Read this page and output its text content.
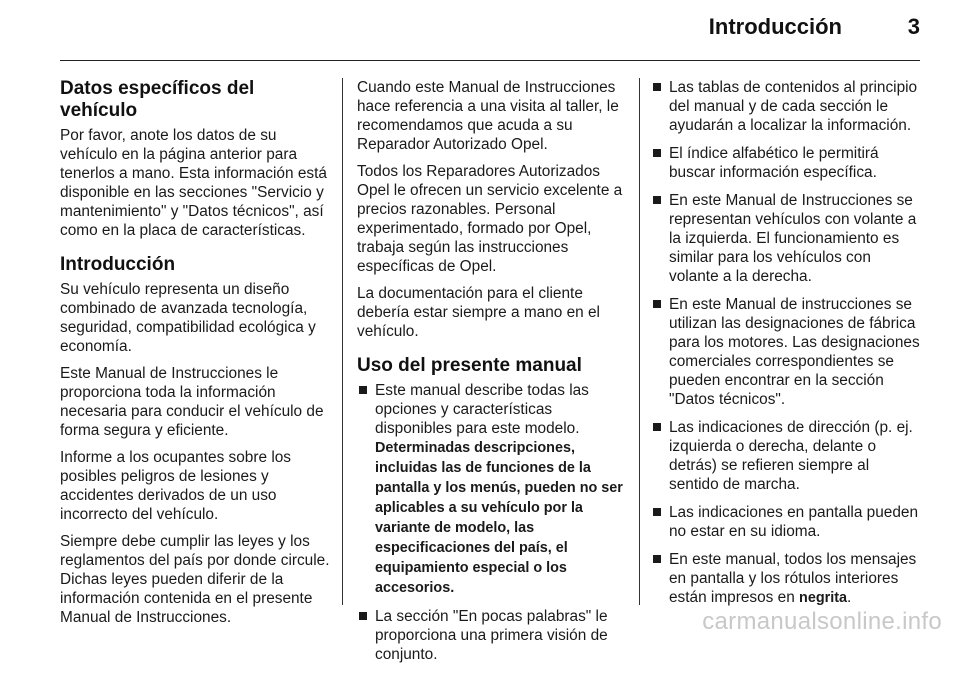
Introducción	3
Datos específicos del vehículo

Por favor, anote los datos de su vehículo en la página anterior para tenerlos a mano. Esta información está disponible en las secciones "Servicio y mantenimiento" y "Datos técnicos", así como en la placa de características.

Introducción

Su vehículo representa un diseño combinado de avanzada tecnología, seguridad, compatibilidad ecológica y economía.

Este Manual de Instrucciones le proporciona toda la información necesaria para conducir el vehículo de forma segura y eficiente.

Informe a los ocupantes sobre los posibles peligros de lesiones y accidentes derivados de un uso incorrecto del vehículo.

Siempre debe cumplir las leyes y los reglamentos del país por donde circule. Dichas leyes pueden diferir de la información contenida en el presente Manual de Instrucciones.

Cuando este Manual de Instrucciones hace referencia a una visita al taller, le recomendamos que acuda a su Reparador Autorizado Opel.

Todos los Reparadores Autorizados Opel le ofrecen un servicio excelente a precios razonables. Personal experimentado, formado por Opel, trabaja según las instrucciones específicas de Opel.

La documentación para el cliente debería estar siempre a mano en el vehículo.

Uso del presente manual
Este manual describe todas las opciones y características disponibles para este modelo. Determinadas descripciones, incluidas las de funciones de la pantalla y los menús, pueden no ser aplicables a su vehículo por la variante de modelo, las especificaciones del país, el equipamiento especial o los accesorios.
La sección "En pocas palabras" le proporciona una primera visión de conjunto.
Las tablas de contenidos al principio del manual y de cada sección le ayudarán a localizar la información.
El índice alfabético le permitirá buscar información específica.
En este Manual de Instrucciones se representan vehículos con volante a la izquierda. El funcionamiento es similar para los vehículos con volante a la derecha.
En este Manual de instrucciones se utilizan las designaciones de fábrica para los motores. Las designaciones comerciales correspondientes se pueden encontrar en la sección "Datos técnicos".
Las indicaciones de dirección (p. ej. izquierda o derecha, delante o detrás) se refieren siempre al sentido de marcha.
Las indicaciones en pantalla pueden no estar en su idioma.
En este manual, todos los mensajes en pantalla y los rótulos interiores están impresos en negrita.
carmanualsonline.info
